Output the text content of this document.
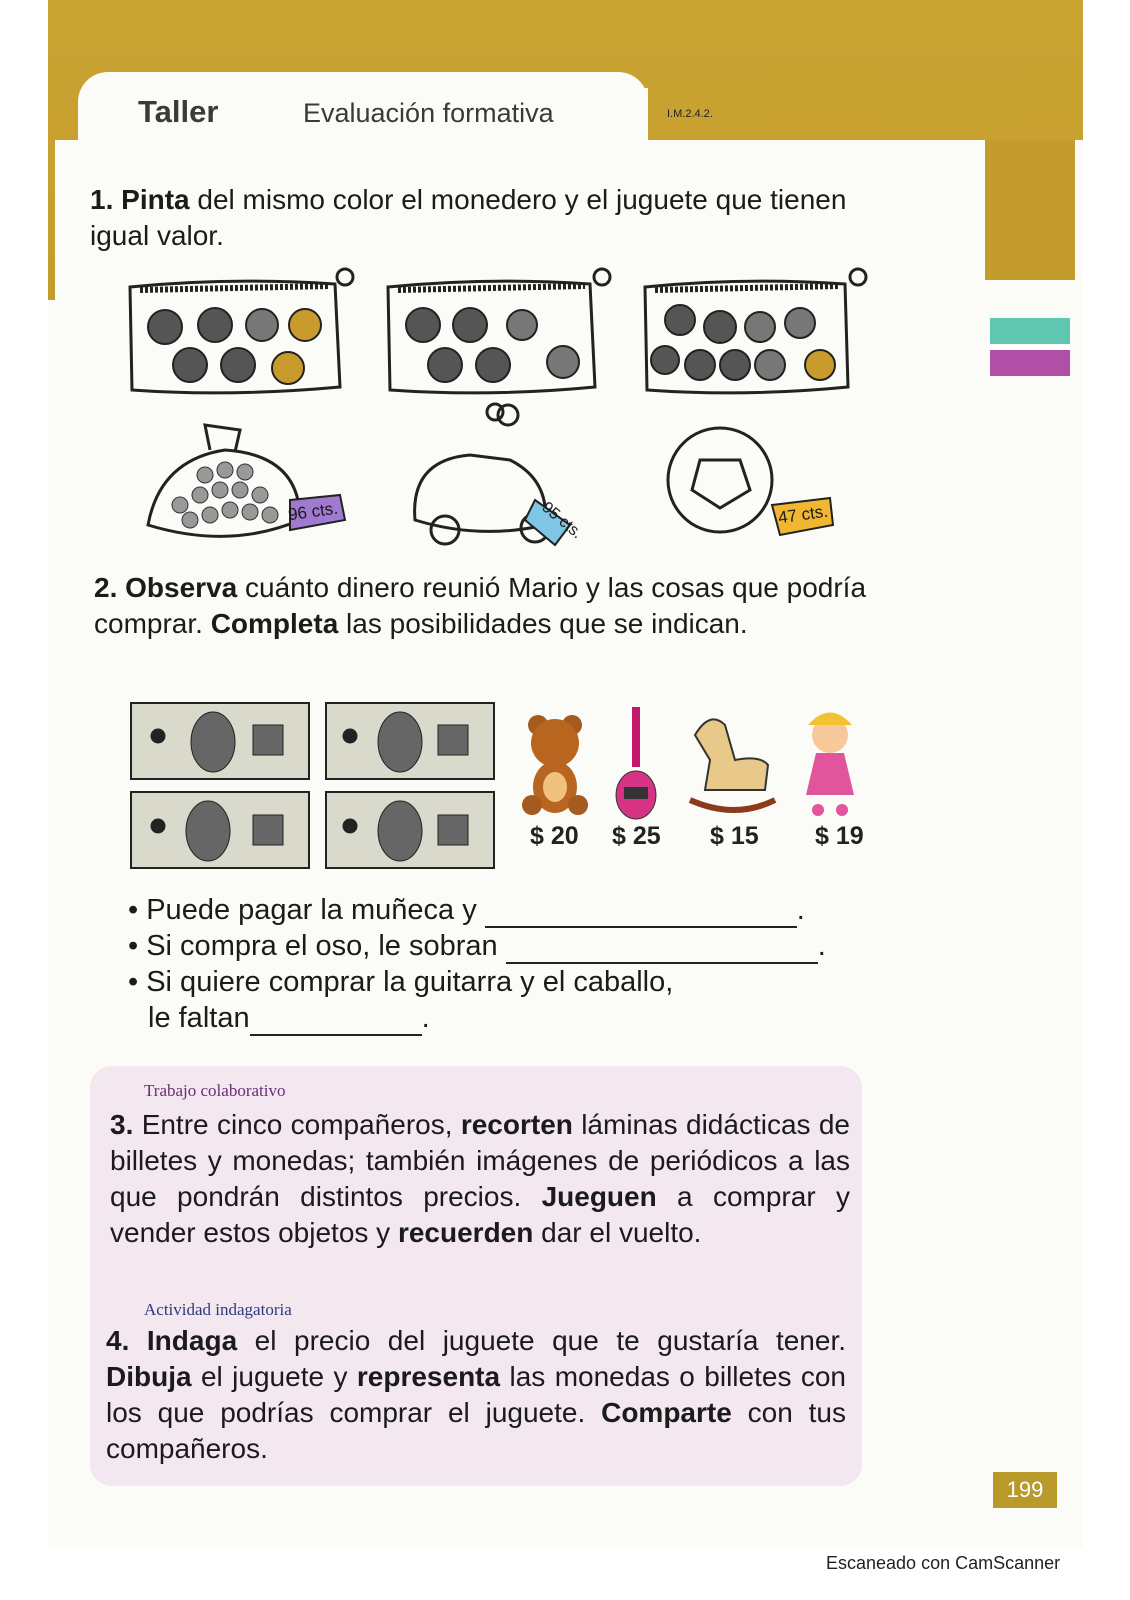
Taller	Evaluación formativa	I.M.2.4.2.
1. Pinta del mismo color el monedero y el juguete que tienen igual valor.
96 cts.	95 cts.	47 cts.
2. Observa cuánto dinero reunió Mario y las cosas que podría comprar. Completa las posibilidades que se indican.
$ 20 $ 25 $ 15 $ 19
• Puede pagar la muñeca y	.
• Si compra el oso, le sobran	.
• Si quiere comprar la guitarra y el caballo,
le faltan	.
Trabajo colaborativo
3. Entre cinco compañeros, recorten láminas didácticas de billetes y monedas; también imágenes de periódicos a las que pondrán distintos precios. Jueguen a comprar y vender estos objetos y recuerden dar el vuelto.
Actividad indagatoria
4. Indaga el precio del juguete que te gustaría tener. Dibuja el juguete y representa las monedas o billetes con los que podrías comprar el juguete. Comparte con tus compañeros.
199
Escaneado con CamScanner
